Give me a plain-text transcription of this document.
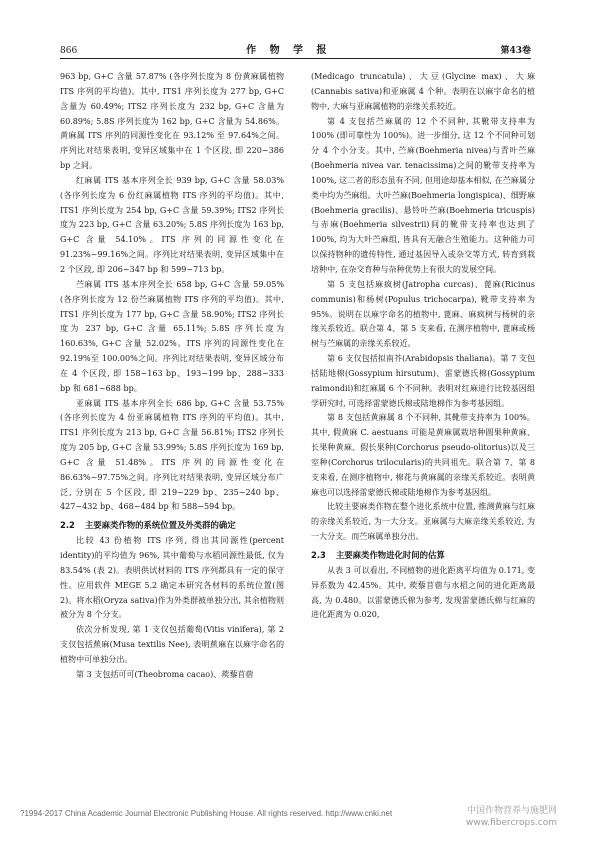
866	作 物 学 报	第43卷

963 bp, G+C 含量 57.87% (各序列长度为 8 份黄麻属植物 ITS 序列的平均值)。其中, ITS1 序列长度为 277 bp, G+C 含量为 60.49%; ITS2 序列长度为 232 bp, G+C 含量为 60.89%; 5.8S 序列长度为 162 bp, G+C 含量为 54.86%。黄麻属 ITS 序列的同源性变化在 93.12% 至 97.64%之间。序列比对结果表明, 变异区域集中在 1 个区段, 即 220~386 bp 之间。

红麻属 ITS 基本序列全长 939 bp, G+C 含量 58.03% (各序列长度为 6 份红麻属植物 ITS 序列的平均值)。其中, ITS1 序列长度为 254 bp, G+C 含量 59.39%; ITS2 序列长度为 223 bp, G+C 含量 63.20%; 5.8S 序列长度为 163 bp, G+C 含量 54.10%。ITS 序列的同源性变化在 91.23%~99.16%之间。序列比对结果表明, 变异区域集中在 2 个区段, 即 206~347 bp 和 599~713 bp。

苎麻属 ITS 基本序列全长 658 bp, G+C 含量 59.05% (各序列长度为 12 份苎麻属植物 ITS 序列的平均值)。其中, ITS1 序列长度为 177 bp, G+C 含量 58.90%; ITS2 序列长度为 237 bp, G+C 含量 65.11%; 5.8S 序列长度为 160.63%, G+C 含量 52.02%。ITS 序列的同源性变化在 92.19%至 100.00%之间。序列比对结果表明, 变异区域分布在 4 个区段, 即 158~163 bp、193~199 bp、288~333 bp 和 681~688 bp。

亚麻属 ITS 基本序列全长 686 bp, G+C 含量 53.75%(各序列长度为 4 份亚麻属植物 ITS 序列的平均值)。其中, ITS1 序列长度为 213 bp, G+C 含量 56.81%; ITS2 序列长度为 205 bp, G+C 含量 53.99%; 5.8S 序列长度为 169 bp, G+C 含量 51.48%。ITS 序列的同源性变化在 86.63%~97.75%之间。序列比对结果表明, 变异区域分布广泛, 分别在 5 个区段, 即 219~229 bp、235~240 bp、427~432 bp、468~484 bp 和 588~594 bp。

2.2 主要麻类作物的系统位置及外类群的确定

比较 43 份植物 ITS 序列, 得出其同源性(percent identity)的平均值为 96%, 其中葡萄与水稻同源性最低, 仅为 83.54% (表 2)。表明供试材料的 ITS 序列都具有一定的保守性。应用软件 MEGE 5.2 确定本研究各材料的系统位置(图 2)。将水稻(Oryza sativa)作为外类群被单独分出, 其余植物则被分为 8 个分支。

依次分析发现, 第 1 支仅包括葡萄(Vitis vinifera), 第 2 支仅包括蕉麻(Musa textilis Nee), 表明蕉麻在以麻字命名的植物中可单独分出。

第 3 支包括可可(Theobroma cacao)、蒺藜苜蓿

(Medicago truncatula)、大豆(Glycine max)、大麻(Cannabis sativa)和亚麻属 4 个种。表明在以麻字命名的植物中, 大麻与亚麻属植物的亲缘关系较近。

第 4 支包括苎麻属的 12 个不同种, 其靴带支持率为 100% (即可靠性为 100%)。进一步细分, 这 12 个不同种可划分 4 个小分支。其中, 苎麻(Boehmeria nivea)与青叶苎麻(Boehmeria nivea var. tenacissima)之间的靴带支持率为 100%, 这二者的形态虽有不同, 但用途却基本相似, 在苎麻属分类中均为苎麻组。大叶苎麻(Boehmeria longispica)、细野麻(Boehmeria gracilis)、悬铃叶苎麻(Boehmeria tricuspis)与赤麻(Boehmeria silvestrii)间的靴带支持率也达到了 100%, 均为大叶苎麻组, 皆具有无融合生殖能力。这种能力可以保持物种的遗传特性, 通过基因导入或杂交等方式, 转育到栽培种中, 在杂交育种与杂种优势上有很大的发展空间。

第 5 支包括麻疯树(Jatropha curcas)、蓖麻(Ricinus communis)和杨树(Populus trichocarpa), 靴带支持率为 95%。说明在以麻字命名的植物中, 蓖麻、麻疯树与杨树的亲缘关系较近。联合第 4、第 5 支来看, 在测序植物中, 蓖麻或杨树与苎麻属的亲缘关系较近。

第 6 支仅包括拟南芥(Arabidopsis thaliana)。第 7 支包括陆地棉(Gossypium hirsutum)、雷蒙德氏棉(Gossypium raimondii)和红麻属 6 个不同种。表明对红麻进行比较基因组学研究时, 可选择雷蒙德氏棉或陆地棉作为参考基因组。

第 8 支包括黄麻属 8 个不同种, 其靴带支持率为 100%。其中, 假黄麻 C. aestuans 可能是黄麻属栽培种圆果种黄麻、长果种黄麻、假长果种(Corchorus pseudo-olitorius)以及三室种(Corchorus trilocularis)的共同祖先。联合第 7、第 8 支来看, 在测序植物中, 棉花与黄麻属的亲缘关系较近。表明黄麻也可以选择雷蒙德氏棉或陆地棉作为参考基因组。

比较主要麻类作物在整个进化系统中位置, 推测黄麻与红麻的亲缘关系较近, 为一大分支。亚麻属与大麻亲缘关系较近, 为一大分支。而苎麻属单独分出。

2.3 主要麻类作物进化时间的估算

从表 3 可以看出, 不同植物的进化距离平均值为 0.171, 变异系数为 42.45%。其中, 蒺藜苜蓿与水稻之间的进化距离最高, 为 0.480。以雷蒙德氏棉为参考, 发现雷蒙德氏棉与红麻的进化距离为 0.020,

?1994-2017 China Academic Journal Electronic Publishing House. All rights reserved. http://www.cnki.net	中国作物营养与施肥网
www.fibercrops.com
